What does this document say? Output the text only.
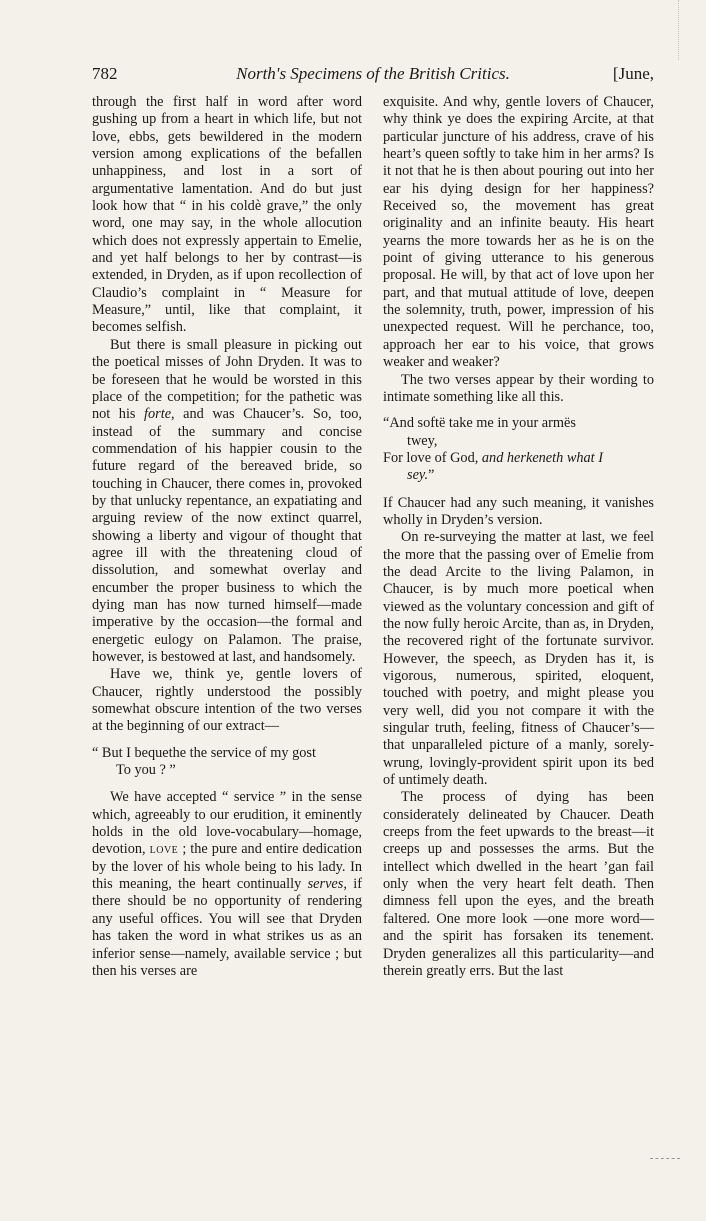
782	North's Specimens of the British Critics.	[June,

through the first half in word after word gushing up from a heart in which life, but not love, ebbs, gets bewildered in the modern version among explications of the befallen unhappiness, and lost in a sort of argumentative lamentation. And do but just look how that “ in his coldè grave,” the only word, one may say, in the whole allocution which does not expressly appertain to Emelie, and yet half belongs to her by contrast—is extended, in Dryden, as if upon recollection of Claudio’s complaint in “ Measure for Measure,” until, like that complaint, it becomes selfish.

But there is small pleasure in picking out the poetical misses of John Dryden. It was to be foreseen that he would be worsted in this place of the competition; for the pathetic was not his forte, and was Chaucer’s. So, too, instead of the summary and concise commendation of his happier cousin to the future regard of the bereaved bride, so touching in Chaucer, there comes in, provoked by that unlucky repentance, an expatiating and arguing review of the now extinct quarrel, showing a liberty and vigour of thought that agree ill with the threatening cloud of dissolution, and somewhat overlay and encumber the proper business to which the dying man has now turned himself—made imperative by the occasion—the formal and energetic eulogy on Palamon. The praise, however, is bestowed at last, and handsomely.

Have we, think ye, gentle lovers of Chaucer, rightly understood the possibly somewhat obscure intention of the two verses at the beginning of our extract—

“ But I bequethe the service of my gost
To you ? ”

We have accepted “ service ” in the sense which, agreeably to our erudition, it eminently holds in the old love-vocabulary—homage, devotion, love ; the pure and entire dedication by the lover of his whole being to his lady. In this meaning, the heart continually serves, if there should be no opportunity of rendering any useful offices. You will see that Dryden has taken the word in what strikes us as an inferior sense—namely, available service ; but then his verses are

exquisite. And why, gentle lovers of Chaucer, why think ye does the expiring Arcite, at that particular juncture of his address, crave of his heart’s queen softly to take him in her arms? Is it not that he is then about pouring out into her ear his dying design for her happiness? Received so, the movement has great originality and an infinite beauty. His heart yearns the more towards her as he is on the point of giving utterance to his generous proposal. He will, by that act of love upon her part, and that mutual attitude of love, deepen the solemnity, truth, power, impression of his unexpected request. Will he perchance, too, approach her ear to his voice, that grows weaker and weaker?

The two verses appear by their wording to intimate something like all this.

“And softë take me in your armës
twey,
For love of God, and herkeneth what I
sey.”

If Chaucer had any such meaning, it vanishes wholly in Dryden’s version.

On re-surveying the matter at last, we feel the more that the passing over of Emelie from the dead Arcite to the living Palamon, in Chaucer, is by much more poetical when viewed as the voluntary concession and gift of the now fully heroic Arcite, than as, in Dryden, the recovered right of the fortunate survivor. However, the speech, as Dryden has it, is vigorous, numerous, spirited, eloquent, touched with poetry, and might please you very well, did you not compare it with the singular truth, feeling, fitness of Chaucer’s—that unparalleled picture of a manly, sorely-wrung, lovingly-provident spirit upon its bed of untimely death.

The process of dying has been considerately delineated by Chaucer. Death creeps from the feet upwards to the breast—it creeps up and possesses the arms. But the intellect which dwelled in the heart ’gan fail only when the very heart felt death. Then dimness fell upon the eyes, and the breath faltered. One more look —one more word—and the spirit has forsaken its tenement. Dryden generalizes all this particularity—and therein greatly errs. But the last
